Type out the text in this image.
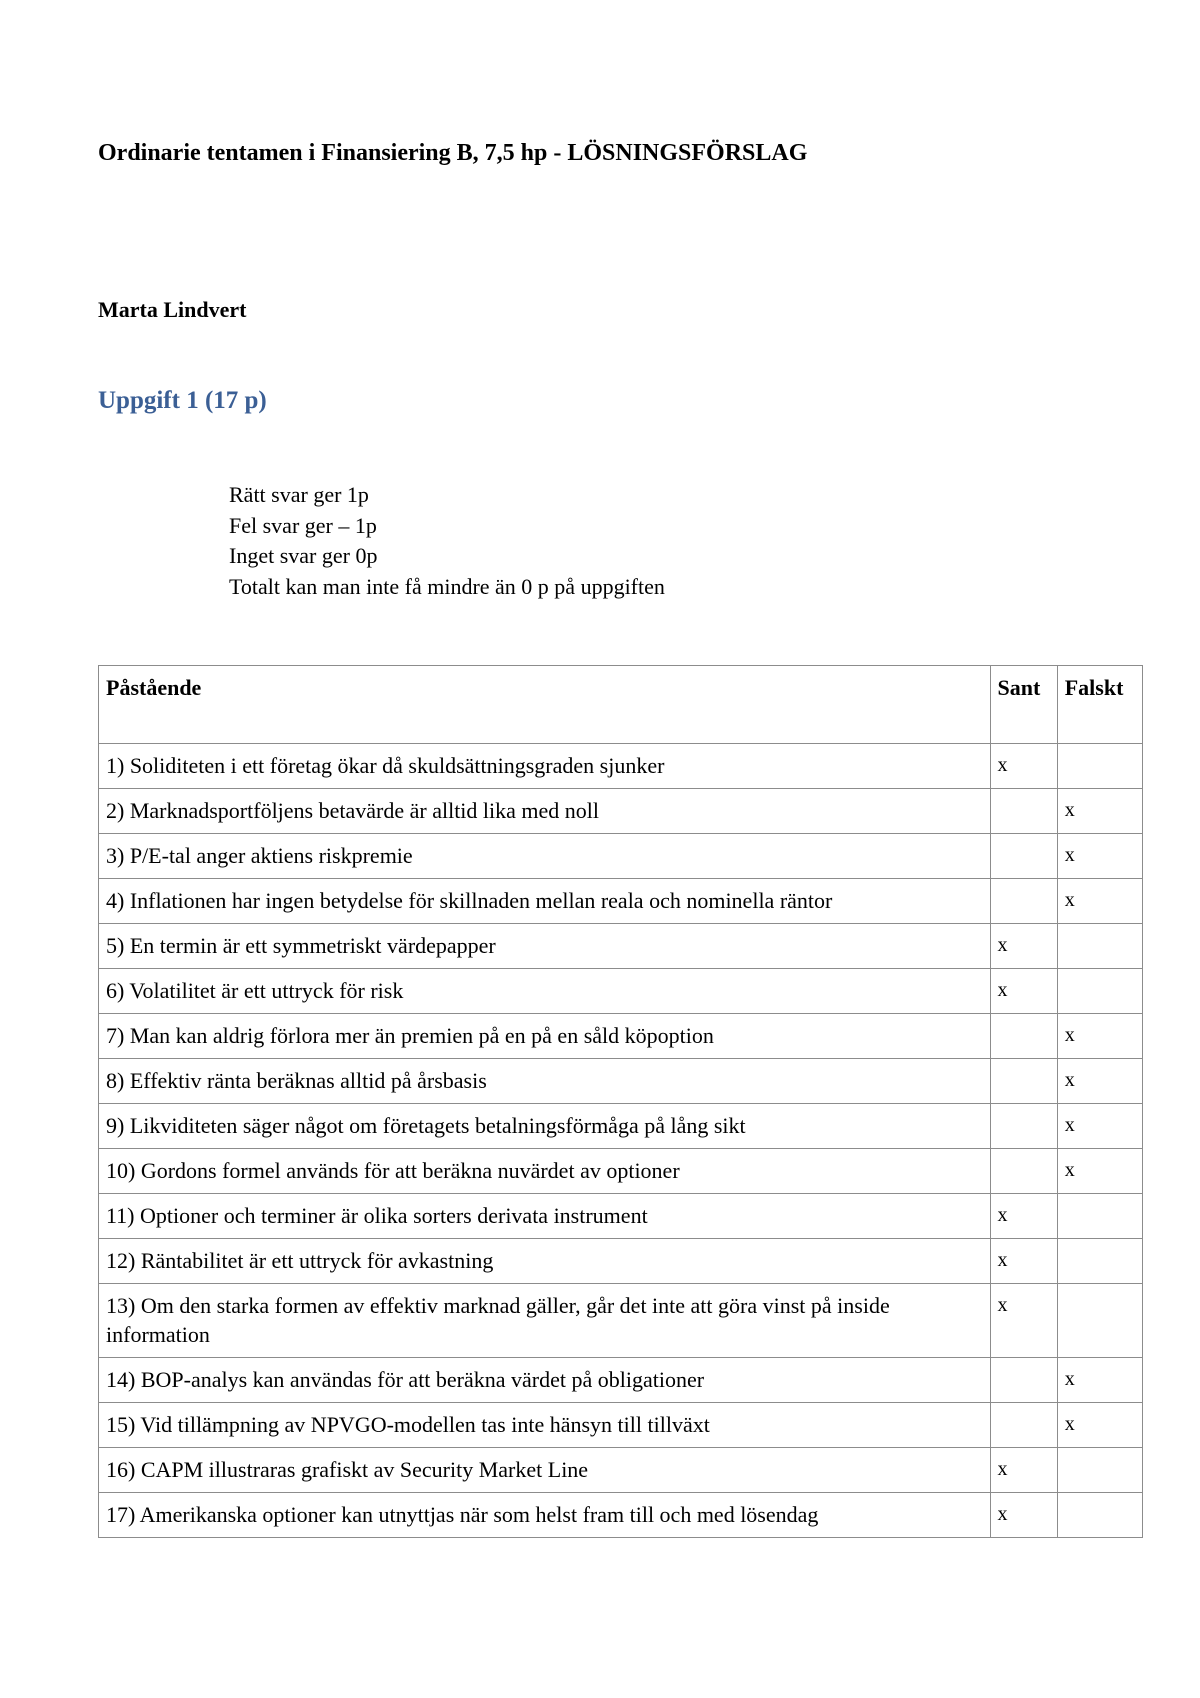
Ordinarie tentamen i Finansiering B, 7,5 hp - LÖSNINGSFÖRSLAG

Marta Lindvert

Uppgift 1 (17 p)
Rätt svar ger 1p
Fel svar ger – 1p
Inget svar ger 0p
Totalt kan man inte få mindre än 0 p på uppgiften
Påstående	Sant	Falskt
1) Soliditeten i ett företag ökar då skuldsättningsgraden sjunker	x	
2) Marknadsportföljens betavärde är alltid lika med noll		x
3) P/E-tal anger aktiens riskpremie		x
4) Inflationen har ingen betydelse för skillnaden mellan reala och nominella räntor		x
5) En termin är ett symmetriskt värdepapper	x	
6) Volatilitet är ett uttryck för risk	x	
7) Man kan aldrig förlora mer än premien på en på en såld köpoption		x
8) Effektiv ränta beräknas alltid på årsbasis		x
9) Likviditeten säger något om företagets betalningsförmåga på lång sikt		x
10) Gordons formel används för att beräkna nuvärdet av optioner		x
11) Optioner och terminer är olika sorters derivata instrument	x	
12) Räntabilitet är ett uttryck för avkastning	x	
13) Om den starka formen av effektiv marknad gäller, går det inte att göra vinst på inside information	x	
14) BOP-analys kan användas för att beräkna värdet på obligationer		x
15) Vid tillämpning av NPVGO-modellen tas inte hänsyn till tillväxt		x
16) CAPM illustraras grafiskt av Security Market Line	x	
17) Amerikanska optioner kan utnyttjas när som helst fram till och med lösendag	x	
